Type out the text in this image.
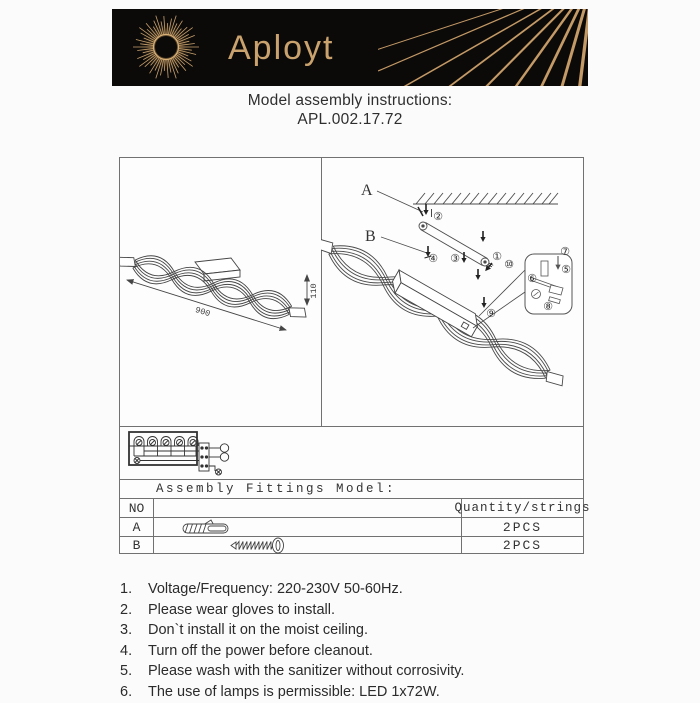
Aployt
Model assembly instructions:
APL.002.17.72
900
110
A
B
②
④ ③	①
⑩
⑨
⑦
⑤
⑥
⑧
Assembly Fittings Model:
NO	Quantity/strings
A	2PCS
B	2PCS
1.	Voltage/Frequency: 220-230V 50-60Hz.
2.	Please wear gloves to install.
3.	Don`t install it on the moist ceiling.
4.	Turn off the power before cleanout.
5.	Please wash with the sanitizer without corrosivity.
6.	The use of lamps is permissible: LED 1x72W.
